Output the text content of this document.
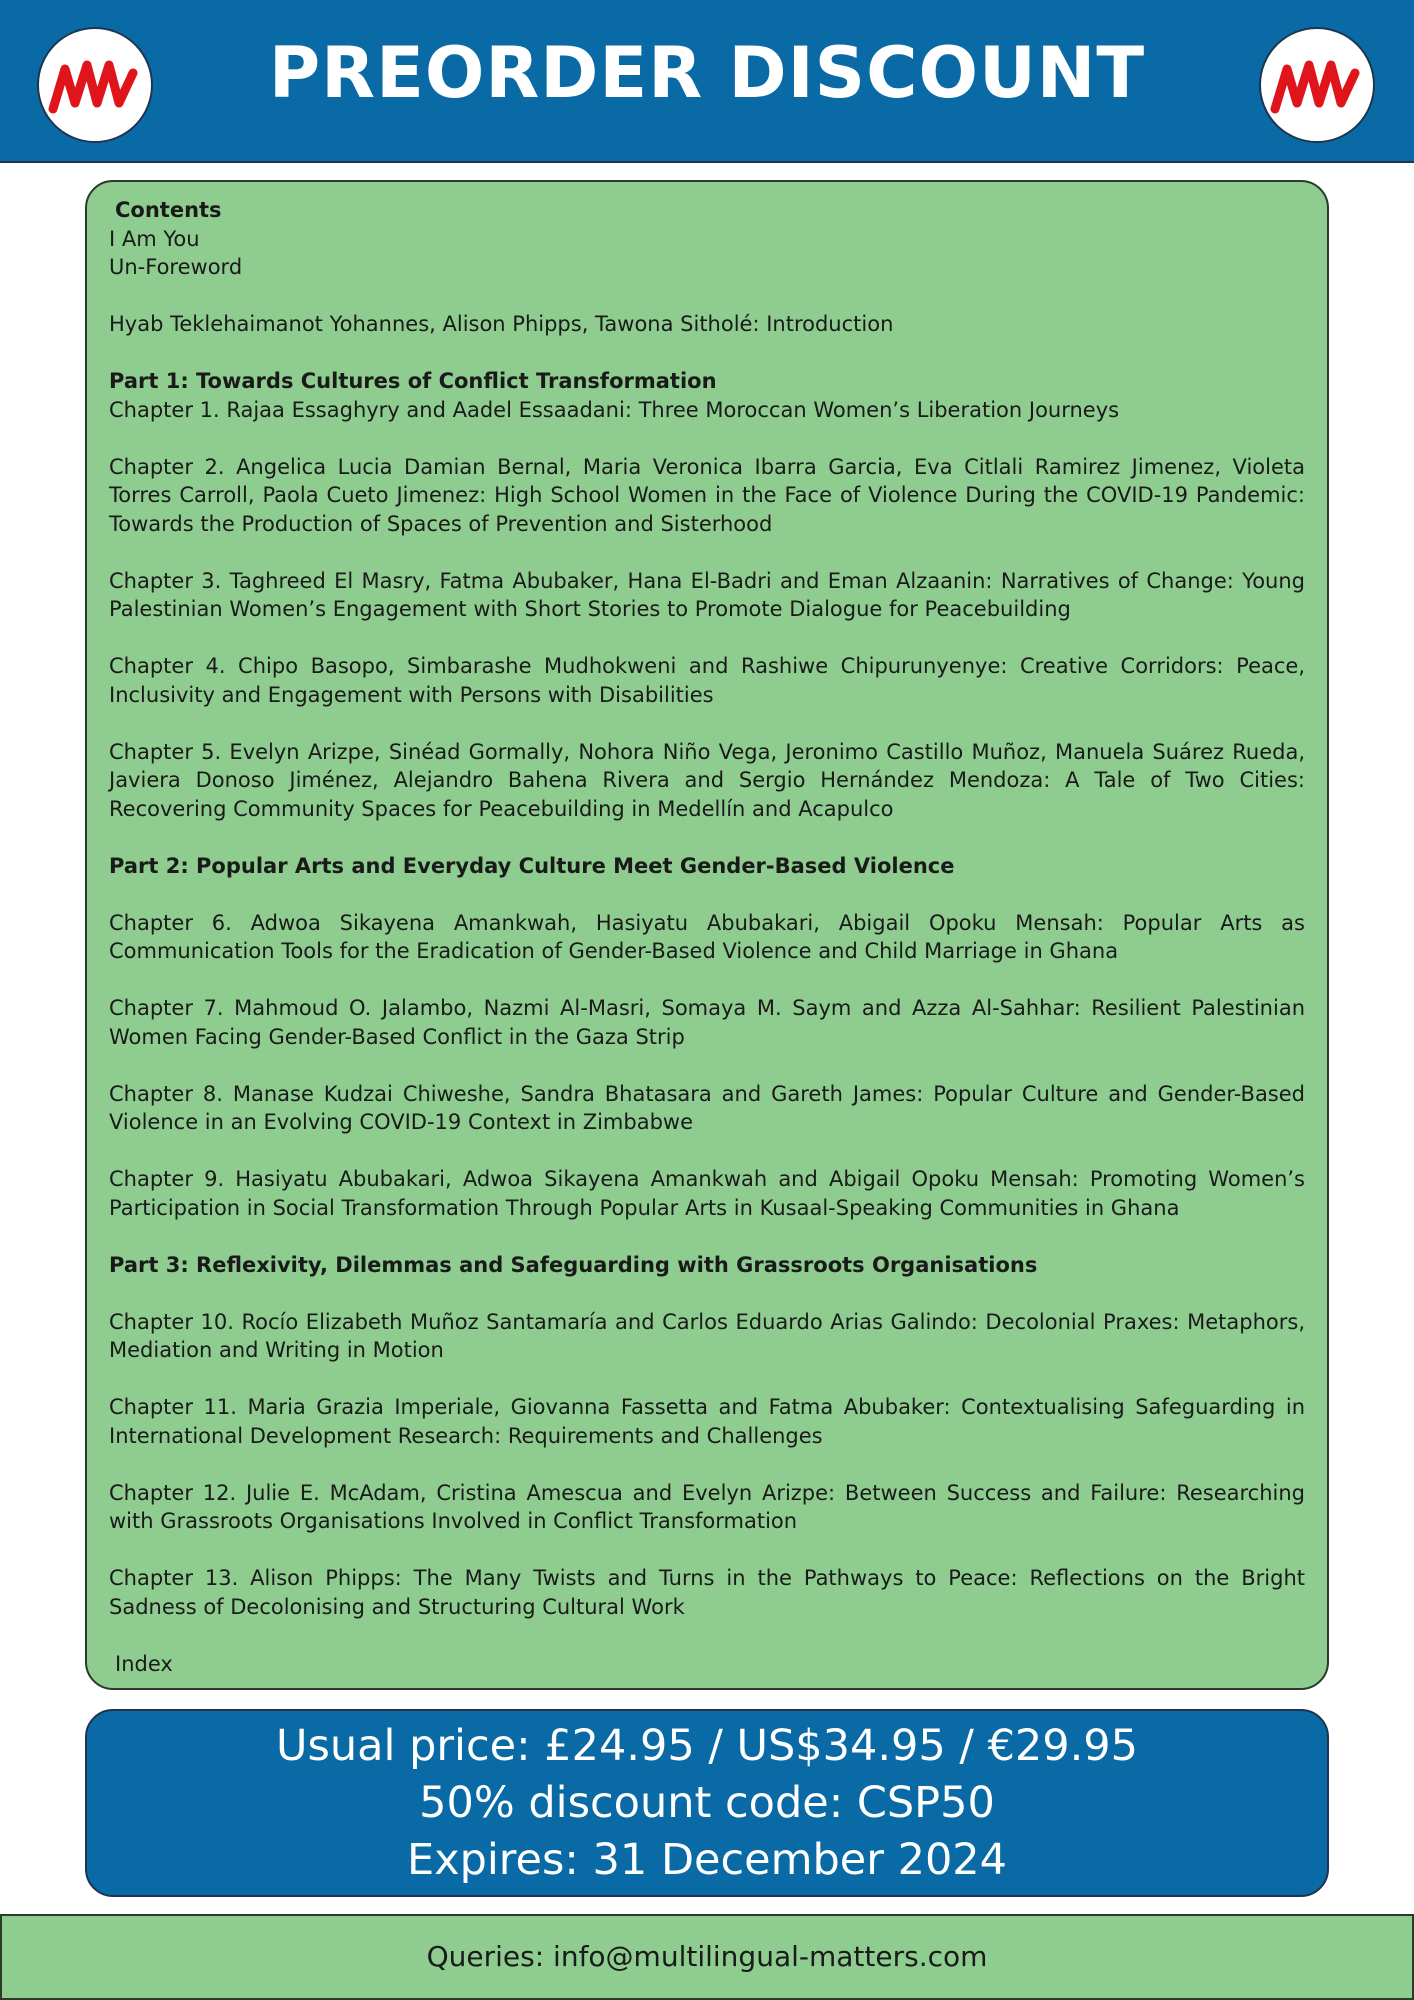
PREORDER DISCOUNT

Contents

I Am You

Un-Foreword

Hyab Teklehaimanot Yohannes, Alison Phipps, Tawona Sitholé: Introduction

Part 1: Towards Cultures of Conflict Transformation

Chapter 1. Rajaa Essaghyry and Aadel Essaadani: Three Moroccan Women’s Liberation Journeys

Chapter 2. Angelica Lucia Damian Bernal, Maria Veronica Ibarra Garcia, Eva Citlali Ramirez Jimenez, Violeta Torres Carroll, Paola Cueto Jimenez: High School Women in the Face of Violence During the COVID-19 Pandemic: Towards the Production of Spaces of Prevention and Sisterhood

Chapter 3. Taghreed El Masry, Fatma Abubaker, Hana El-Badri and Eman Alzaanin: Narratives of Change: Young Palestinian Women’s Engagement with Short Stories to Promote Dialogue for Peacebuilding

Chapter 4. Chipo Basopo, Simbarashe Mudhokweni and Rashiwe Chipurunyenye: Creative Corridors: Peace, Inclusivity and Engagement with Persons with Disabilities

Chapter 5. Evelyn Arizpe, Sinéad Gormally, Nohora Niño Vega, Jeronimo Castillo Muñoz, Manuela Suárez Rueda, Javiera Donoso Jiménez, Alejandro Bahena Rivera and Sergio Hernández Mendoza: A Tale of Two Cities: Recovering Community Spaces for Peacebuilding in Medellín and Acapulco

Part 2: Popular Arts and Everyday Culture Meet Gender-Based Violence

Chapter 6. Adwoa Sikayena Amankwah, Hasiyatu Abubakari, Abigail Opoku Mensah: Popular Arts as Communication Tools for the Eradication of Gender-Based Violence and Child Marriage in Ghana

Chapter 7. Mahmoud O. Jalambo, Nazmi Al-Masri, Somaya M. Saym and Azza Al-Sahhar: Resilient Palestinian Women Facing Gender-Based Conflict in the Gaza Strip

Chapter 8. Manase Kudzai Chiweshe, Sandra Bhatasara and Gareth James: Popular Culture and Gender-Based Violence in an Evolving COVID-19 Context in Zimbabwe

Chapter 9. Hasiyatu Abubakari, Adwoa Sikayena Amankwah and Abigail Opoku Mensah: Promoting Women’s Participation in Social Transformation Through Popular Arts in Kusaal-Speaking Communities in Ghana

Part 3: Reflexivity, Dilemmas and Safeguarding with Grassroots Organisations

Chapter 10. Rocío Elizabeth Muñoz Santamaría and Carlos Eduardo Arias Galindo: Decolonial Praxes: Metaphors, Mediation and Writing in Motion

Chapter 11. Maria Grazia Imperiale, Giovanna Fassetta and Fatma Abubaker: Contextualising Safeguarding in International Development Research: Requirements and Challenges

Chapter 12. Julie E. McAdam, Cristina Amescua and Evelyn Arizpe: Between Success and Failure: Researching with Grassroots Organisations Involved in Conflict Transformation

Chapter 13. Alison Phipps: The Many Twists and Turns in the Pathways to Peace: Reflections on the Bright Sadness of Decolonising and Structuring Cultural Work

Index

Usual price: £24.95 / US$34.95 / €29.95
50% discount code: CSP50
Expires: 31 December 2024
Queries: info@multilingual-matters.com
